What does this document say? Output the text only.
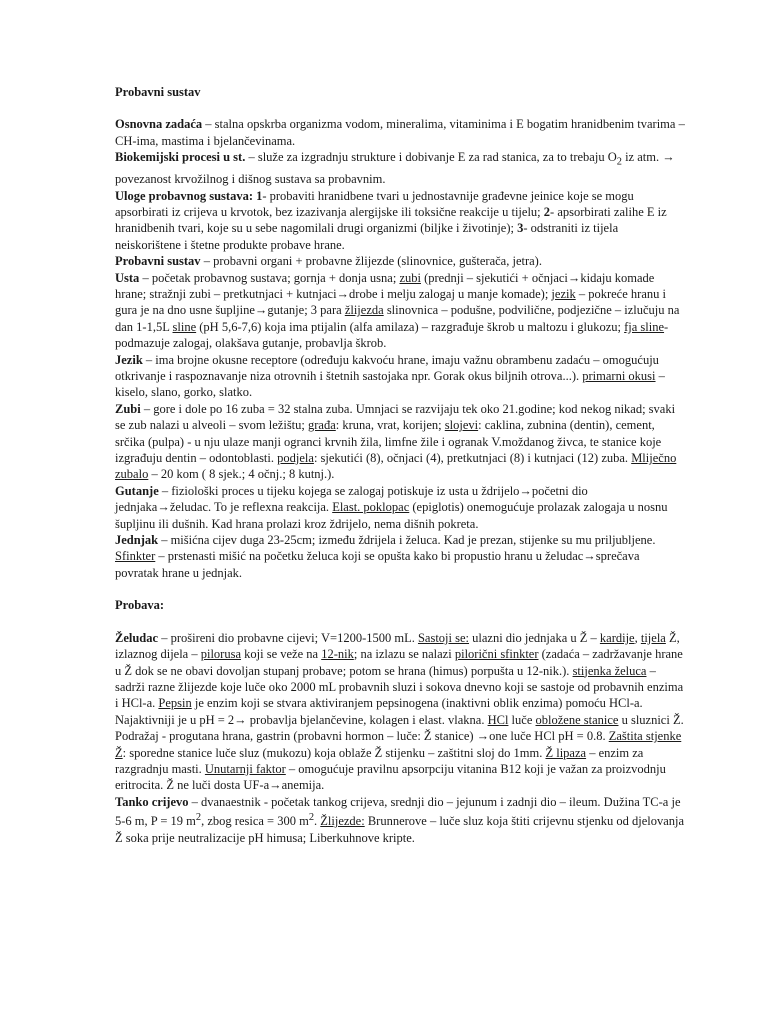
Probavni sustav

Osnovna zadaća – stalna opskrba organizma vodom, mineralima, vitaminima i E bogatim hranidbenim tvarima – CH-ima, mastima i bjelančevinama.

Biokemijski procesi u st. – služe za izgradnju strukture i dobivanje E za rad stanica, za to trebaju $O_2$ iz atm. → povezanost krvožilnog i dišnog sustava sa probavnim.

Uloge probavnog sustava: 1- probaviti hranidbene tvari u jednostavnije građevne jeinice koje se mogu apsorbirati iz crijeva u krvotok, bez izazivanja alergijske ili toksične reakcije u tijelu; 2- apsorbirati zalihe E iz hranidbenih tvari, koje su u sebe nagomilali drugi organizmi (biljke i životinje); 3- odstraniti iz tijela neiskorištene i štetne produkte probave hrane.

Probavni sustav – probavni organi + probavne žlijezde (slinovnice, gušterača, jetra).

Usta – početak probavnog sustava; gornja + donja usna; zubi (prednji – sjekutići + očnjaci→kidaju komade hrane; stražnji zubi – pretkutnjaci + kutnjaci→drobe i melju zalogaj u manje komade); jezik – pokreće hranu i gura je na dno usne šupljine→gutanje; 3 para žlijezda slinovnica – podušne, podvilične, podjezične – izlučuju na dan 1-1,5L sline (pH 5,6-7,6) koja ima ptijalin (alfa amilaza) – razgrađuje škrob u maltozu i glukozu; fja sline-podmazuje zalogaj, olakšava gutanje, probavlja škrob.

Jezik – ima brojne okusne receptore (određuju kakvoću hrane, imaju važnu obrambenu zadaću – omogućuju otkrivanje i raspoznavanje niza otrovnih i štetnih sastojaka npr. Gorak okus biljnih otrova...). primarni okusi – kiselo, slano, gorko, slatko.

Zubi – gore i dole po 16 zuba = 32 stalna zuba. Umnjaci se razvijaju tek oko 21.godine; kod nekog nikad; svaki se zub nalazi u alveoli – svom ležištu; građa: kruna, vrat, korijen; slojevi: caklina, zubnina (dentin), cement, srčika (pulpa) - u nju ulaze manji ogranci krvnih žila, limfne žile i ogranak V.moždanog živca, te stanice koje izgrađuju dentin – odontoblasti. podjela: sjekutići (8), očnjaci (4), pretkutnjaci (8) i kutnjaci (12) zuba. Mliječno zubalo – 20 kom ( 8 sjek.; 4 očnj.; 8 kutnj.).

Gutanje – fiziološki proces u tijeku kojega se zalogaj potiskuje iz usta u ždrijelo→početni dio jednjaka→želudac. To je reflexna reakcija. Elast. poklopac (epiglotis) onemogućuje prolazak zalogaja u nosnu šupljinu ili dušnih. Kad hrana prolazi kroz ždrijelo, nema dišnih pokreta.

Jednjak – mišićna cijev duga 23-25cm; između ždrijela i želuca. Kad je prezan, stijenke su mu priljubljene. Sfinkter – prstenasti mišić na početku želuca koji se opušta kako bi propustio hranu u želudac→sprečava povratak hrane u jednjak.

Probava:

Želudac – prošireni dio probavne cijevi; V=1200-1500 mL. Sastoji se: ulazni dio jednjaka u Ž – kardije, tijela Ž, izlaznog dijela – pilorusa koji se veže na 12-nik; na izlazu se nalazi pilorični sfinkter (zadaća – zadržavanje hrane u Ž dok se ne obavi dovoljan stupanj probave; potom se hrana (himus) porpušta u 12-nik.). stijenka želuca – sadrži razne žlijezde koje luče oko 2000 mL probavnih sluzi i sokova dnevno koji se sastoje od probavnih enzima i HCl-a. Pepsin je enzim koji se stvara aktiviranjem pepsinogena (inaktivni oblik enzima) pomoću HCl-a. Najaktivniji je u pH = 2→ probavlja bjelančevine, kolagen i elast. vlakna. HCl luče obložene stanice u sluznici Ž. Podražaj - progutana hrana, gastrin (probavni hormon – luče: Ž stanice) →one luče HCl pH = 0.8. Zaštita stjenke Ž: sporedne stanice luče sluz (mukozu) koja oblaže Ž stijenku – zaštitni sloj do 1mm. Ž lipaza – enzim za razgradnju masti. Unutarnji faktor – omogućuje pravilnu apsorpciju vitanina B12 koji je važan za proizvodnju eritrocita. Ž ne luči dosta UF-a→anemija.

Tanko crijevo – dvanaestnik - početak tankog crijeva, srednji dio – jejunum i zadnji dio – ileum. Dužina TC-a je 5-6 m, P = 19 $m^2$, zbog resica = 300 $m^2$. Žlijezde: Brunnerove – luče sluz koja štiti crijevnu stjenku od djelovanja Ž soka prije neutralizacije pH himusa; Liberkuhnove kripte.
